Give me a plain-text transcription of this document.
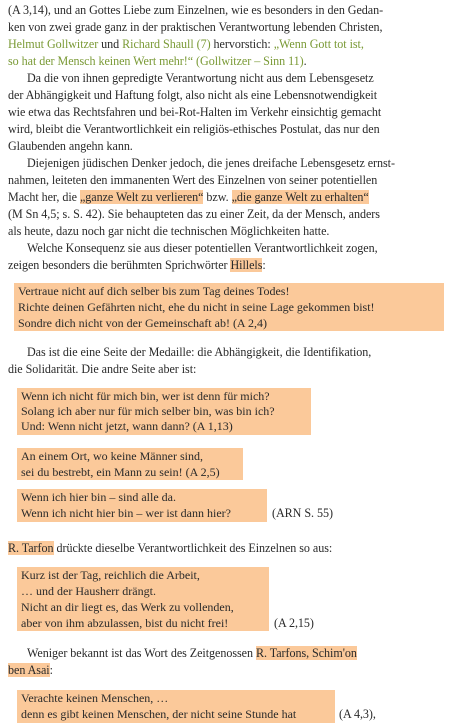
(A 3,14), und an Gottes Liebe zum Einzelnen, wie es besonders in den Gedan-
ken von zwei grade ganz in der praktischen Verantwortung lebenden Christen,
Helmut Gollwitzer und Richard Shaull (7) hervorstich: „Wenn Gott tot ist,
so hat der Mensch keinen Wert mehr!“ (Gollwitzer – Sinn 11).
Da die von ihnen gepredigte Verantwortung nicht aus dem Lebensgesetz
der Abhängigkeit und Haftung folgt, also nicht als eine Lebensnotwendigkeit
wie etwa das Rechtsfahren und bei-Rot-Halten im Verkehr einsichtig gemacht
wird, bleibt die Verantwortlichkeit ein religiös-ethisches Postulat, das nur den
Glaubenden angehn kann.
Diejenigen jüdischen Denker jedoch, die jenes dreifache Lebensgesetz ernst-
nahmen, leiteten den immanenten Wert des Einzelnen von seiner potentiellen
Macht her, die „ganze Welt zu verlieren“ bzw. „die ganze Welt zu erhalten“
(M Sn 4,5; s. S. 42). Sie behaupteten das zu einer Zeit, da der Mensch, anders
als heute, dazu noch gar nicht die technischen Möglichkeiten hatte.
Welche Konsequenz sie aus dieser potentiellen Verantwortlichkeit zogen,
zeigen besonders die berühmten Sprichwörter Hillels:
Vertraue nicht auf dich selber bis zum Tag deines Todes!
Richte deinen Gefährten nicht, ehe du nicht in seine Lage gekommen bist!
Sondre dich nicht von der Gemeinschaft ab! (A 2,4)
Das ist die eine Seite der Medaille: die Abhängigkeit, die Identifikation,
die Solidarität. Die andre Seite aber ist:
Wenn ich nicht für mich bin, wer ist denn für mich?
Solang ich aber nur für mich selber bin, was bin ich?
Und: Wenn nicht jetzt, wann dann? (A 1,13)
An einem Ort, wo keine Männer sind,
sei du bestrebt, ein Mann zu sein! (A 2,5)
Wenn ich hier bin – sind alle da.
Wenn ich nicht hier bin – wer ist dann hier?	(ARN S. 55)
R. Tarfon drückte dieselbe Verantwortlichkeit des Einzelnen so aus:
Kurz ist der Tag, reichlich die Arbeit,
… und der Hausherr drängt.
Nicht an dir liegt es, das Werk zu vollenden,
aber von ihm abzulassen, bist du nicht frei!	(A 2,15)
Weniger bekannt ist das Wort des Zeitgenossen R. Tarfons, Schim'on
ben Asai:
Verachte keinen Menschen, …
denn es gibt keinen Menschen, der nicht seine Stunde hat	(A 4,3),
